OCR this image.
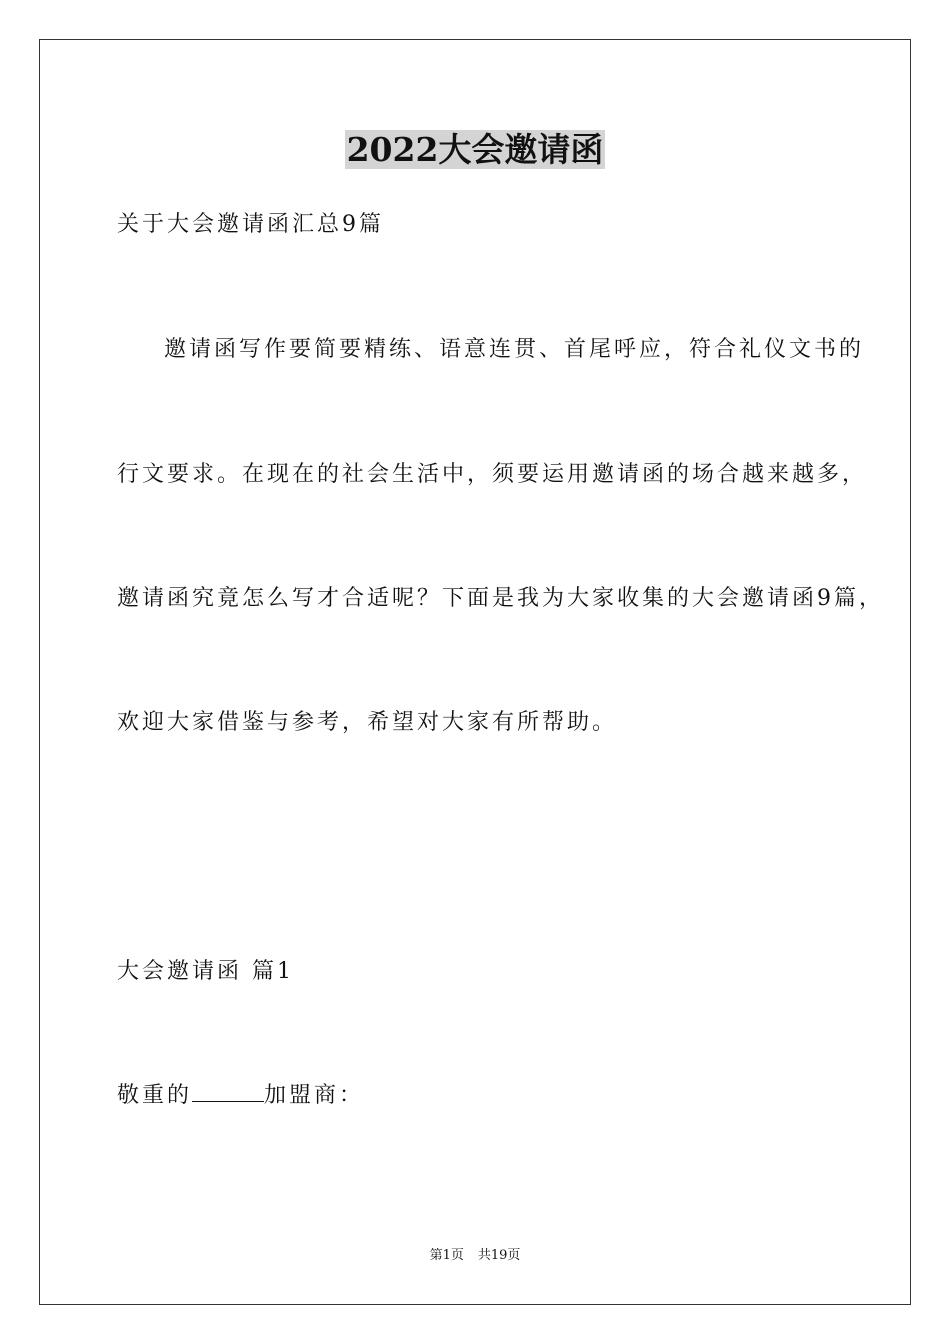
2022大会邀请函
关于大会邀请函汇总9篇
邀请函写作要简要精练、语意连贯、首尾呼应，符合礼仪文书的
行文要求。在现在的社会生活中，须要运用邀请函的场合越来越多，
邀请函究竟怎么写才合适呢？下面是我为大家收集的大会邀请函9篇，
欢迎大家借鉴与参考，希望对大家有所帮助。
大会邀请函 篇1
敬重的	加盟商：
第1页 共19页
